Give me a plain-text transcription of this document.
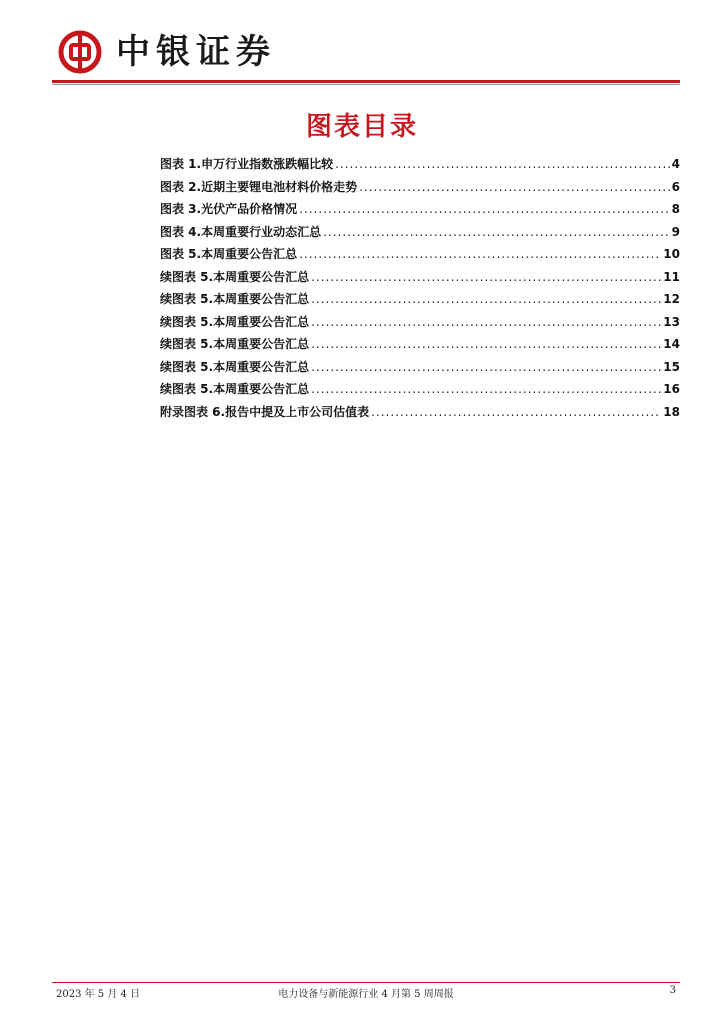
中银证券
图表目录
图表 1.申万行业指数涨跌幅比较 .....	4
图表 2.近期主要锂电池材料价格走势 .....	6
图表 3.光伏产品价格情况 .....	8
图表 4.本周重要行业动态汇总 .....	9
图表 5.本周重要公告汇总 .....	10
续图表 5.本周重要公告汇总 .....	11
续图表 5.本周重要公告汇总 .....	12
续图表 5.本周重要公告汇总 .....	13
续图表 5.本周重要公告汇总 .....	14
续图表 5.本周重要公告汇总 .....	15
续图表 5.本周重要公告汇总 .....	16
附录图表 6.报告中提及上市公司估值表 .....	18
2023 年 5 月 4 日	电力设备与新能源行业 4 月第 5 周周报	3
